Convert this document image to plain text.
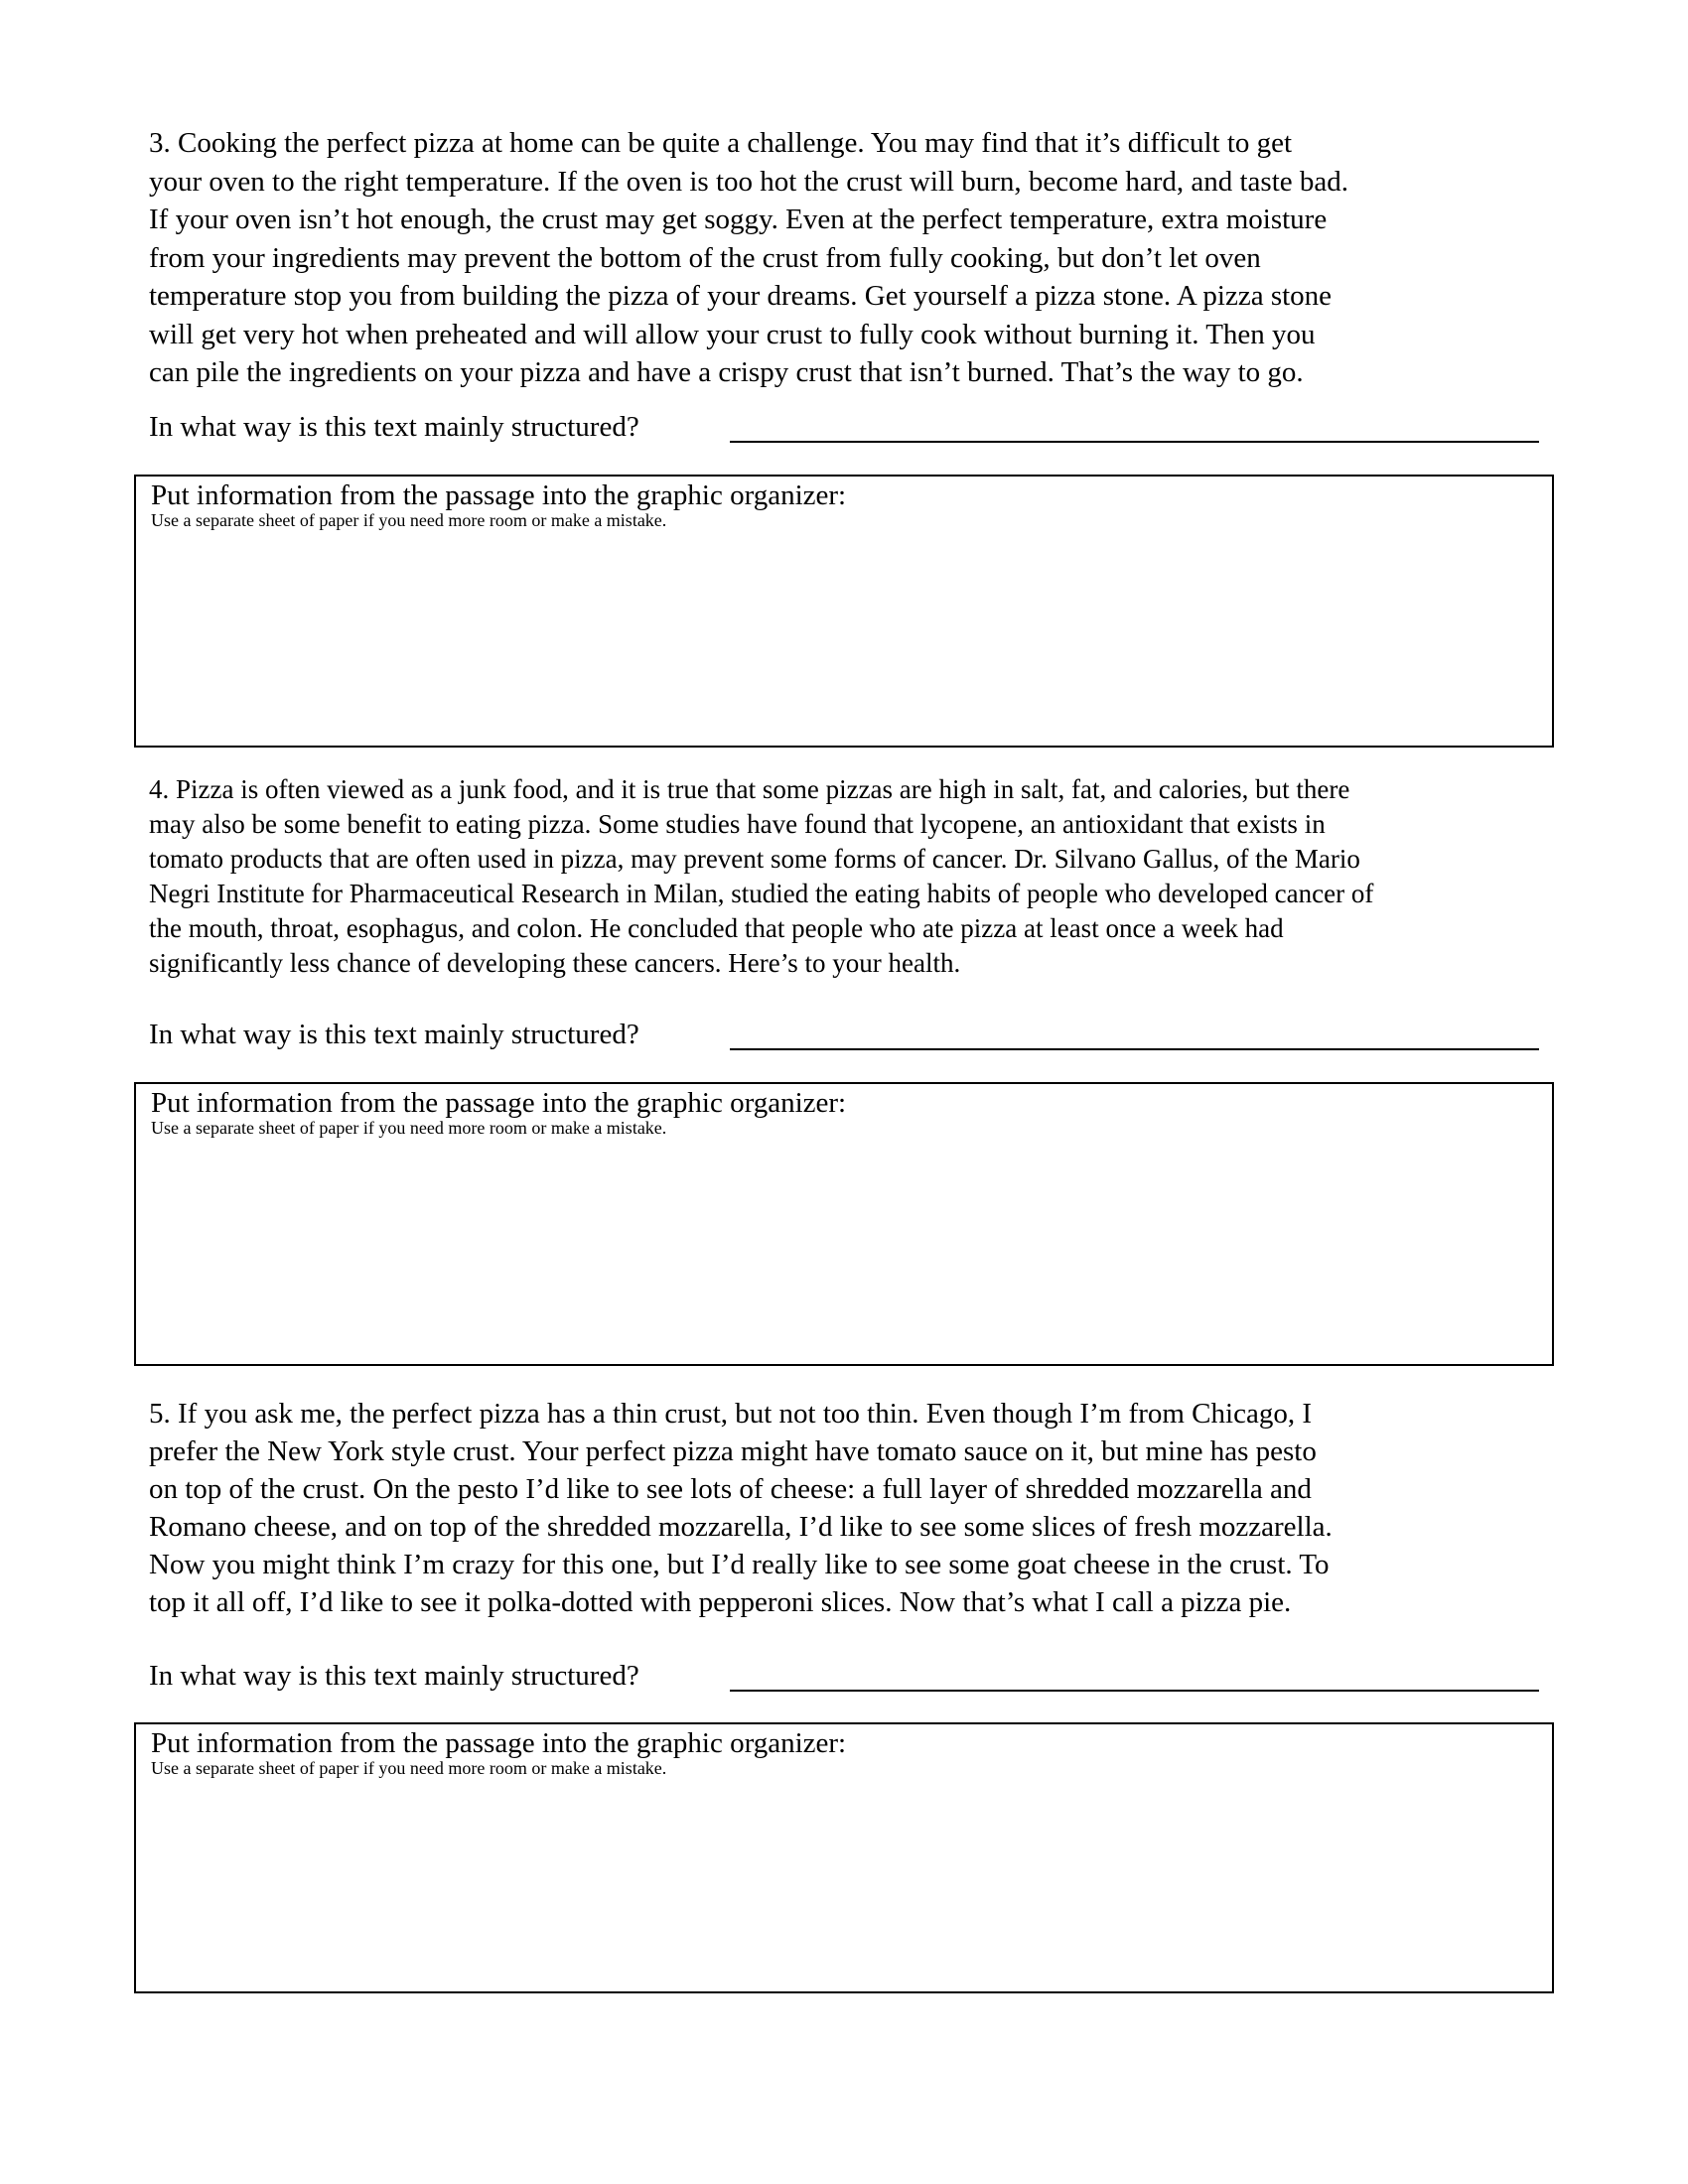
3. Cooking the perfect pizza at home can be quite a challenge. You may find that it’s difficult to get
your oven to the right temperature. If the oven is too hot the crust will burn, become hard, and taste bad.
If your oven isn’t hot enough, the crust may get soggy. Even at the perfect temperature, extra moisture
from your ingredients may prevent the bottom of the crust from fully cooking, but don’t let oven
temperature stop you from building the pizza of your dreams. Get yourself a pizza stone. A pizza stone
will get very hot when preheated and will allow your crust to fully cook without burning it. Then you
can pile the ingredients on your pizza and have a crispy crust that isn’t burned. That’s the way to go.

In what way is this text mainly structured?
Put information from the passage into the graphic organizer:
Use a separate sheet of paper if you need more room or make a mistake.

4. Pizza is often viewed as a junk food, and it is true that some pizzas are high in salt, fat, and calories, but there
may also be some benefit to eating pizza. Some studies have found that lycopene, an antioxidant that exists in
tomato products that are often used in pizza, may prevent some forms of cancer. Dr. Silvano Gallus, of the Mario
Negri Institute for Pharmaceutical Research in Milan, studied the eating habits of people who developed cancer of
the mouth, throat, esophagus, and colon. He concluded that people who ate pizza at least once a week had
significantly less chance of developing these cancers. Here’s to your health.

In what way is this text mainly structured?
Put information from the passage into the graphic organizer:
Use a separate sheet of paper if you need more room or make a mistake.

5. If you ask me, the perfect pizza has a thin crust, but not too thin. Even though I’m from Chicago, I
prefer the New York style crust. Your perfect pizza might have tomato sauce on it, but mine has pesto
on top of the crust. On the pesto I’d like to see lots of cheese: a full layer of shredded mozzarella and
Romano cheese, and on top of the shredded mozzarella, I’d like to see some slices of fresh mozzarella.
Now you might think I’m crazy for this one, but I’d really like to see some goat cheese in the crust. To
top it all off, I’d like to see it polka-dotted with pepperoni slices. Now that’s what I call a pizza pie.

In what way is this text mainly structured?
Put information from the passage into the graphic organizer:
Use a separate sheet of paper if you need more room or make a mistake.
